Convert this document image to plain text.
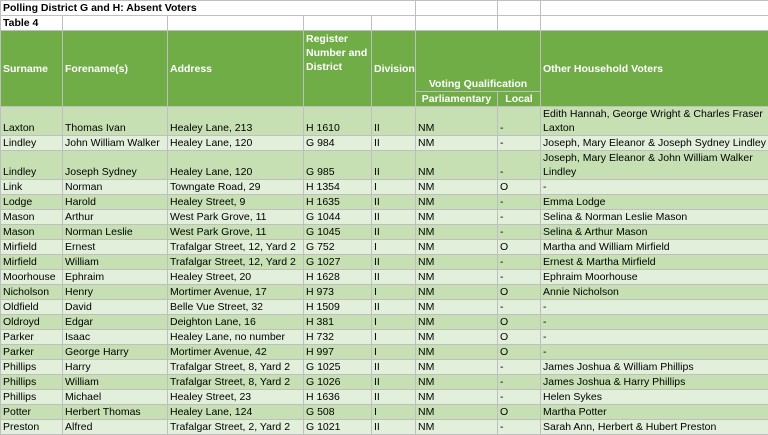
Polling District G and H: Absent Voters							
Table 4							
Surname	Forename(s)	Address	Register Number and District	Division	Voting Qualification		Other Household Voters
					Parliamentary	Local	
Laxton	Thomas Ivan	Healey Lane, 213	H 1610	II	NM	-	Edith Hannah, George Wright & Charles Fraser Laxton
Lindley	John William Walker	Healey Lane, 120	G 984	II	NM	-	Joseph, Mary Eleanor & Joseph Sydney Lindley
Lindley	Joseph Sydney	Healey Lane, 120	G 985	II	NM	-	Joseph, Mary Eleanor & John William Walker Lindley
Link	Norman	Towngate Road, 29	H 1354	I	NM	O	-
Lodge	Harold	Healey Street, 9	H 1635	II	NM	-	Emma Lodge
Mason	Arthur	West Park Grove, 11	G 1044	II	NM	-	Selina & Norman Leslie Mason
Mason	Norman Leslie	West Park Grove, 11	G 1045	II	NM	-	Selina & Arthur Mason
Mirfield	Ernest	Trafalgar Street, 12, Yard 2	G 752	I	NM	O	Martha and William Mirfield
Mirfield	William	Trafalgar Street, 12, Yard 2	G 1027	II	NM	-	Ernest & Martha Mirfield
Moorhouse	Ephraim	Healey Street, 20	H 1628	II	NM	-	Ephraim Moorhouse
Nicholson	Henry	Mortimer Avenue, 17	H 973	I	NM	O	Annie Nicholson
Oldfield	David	Belle Vue Street, 32	H 1509	II	NM	-	-
Oldroyd	Edgar	Deighton Lane, 16	H 381	I	NM	O	-
Parker	Isaac	Healey Lane, no number	H 732	I	NM	O	-
Parker	George Harry	Mortimer Avenue, 42	H 997	I	NM	O	-
Phillips	Harry	Trafalgar Street, 8, Yard 2	G 1025	II	NM	-	James Joshua & William Phillips
Phillips	William	Trafalgar Street, 8, Yard 2	G 1026	II	NM	-	James Joshua & Harry Phillips
Phillips	Michael	Healey Street, 23	H 1636	II	NM	-	Helen Sykes
Potter	Herbert Thomas	Healey Lane, 124	G 508	I	NM	O	Martha Potter
Preston	Alfred	Trafalgar Street, 2, Yard 2	G 1021	II	NM	-	Sarah Ann, Herbert & Hubert Preston
